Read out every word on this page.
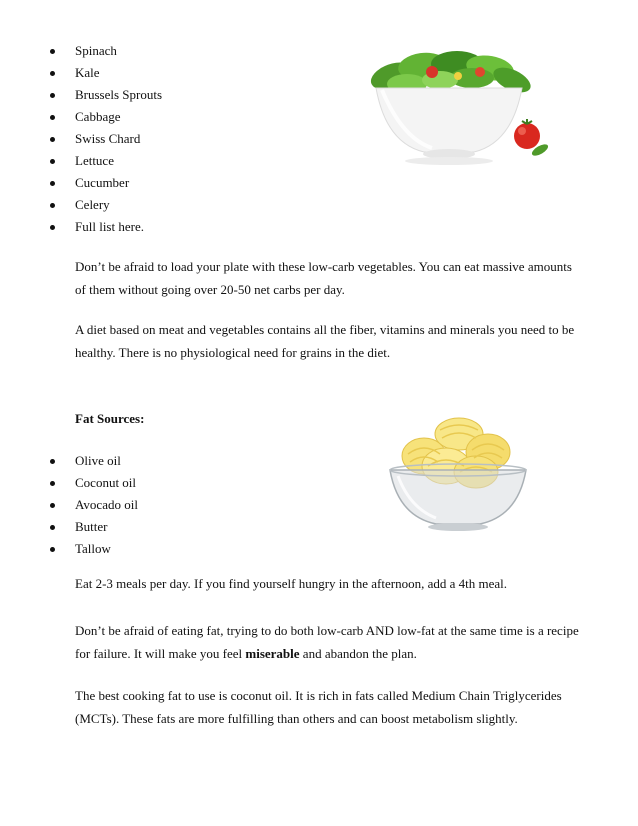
Spinach
Kale
Brussels Sprouts
Cabbage
Swiss Chard
Lettuce
Cucumber
Celery
Full list here.

Don’t be afraid to load your plate with these low-carb vegetables. You can eat massive amounts of them without going over 20-50 net carbs per day.

A diet based on meat and vegetables contains all the fiber, vitamins and minerals you need to be healthy. There is no physiological need for grains in the diet.

Fat Sources:

Olive oil
Coconut oil
Avocado oil
Butter
Tallow

Eat 2-3 meals per day. If you find yourself hungry in the afternoon, add a 4th meal.

Don’t be afraid of eating fat, trying to do both low-carb AND low-fat at the same time is a recipe for failure. It will make you feel miserable and abandon the plan.

The best cooking fat to use is coconut oil. It is rich in fats called Medium Chain Triglycerides (MCTs). These fats are more fulfilling than others and can boost metabolism slightly.
